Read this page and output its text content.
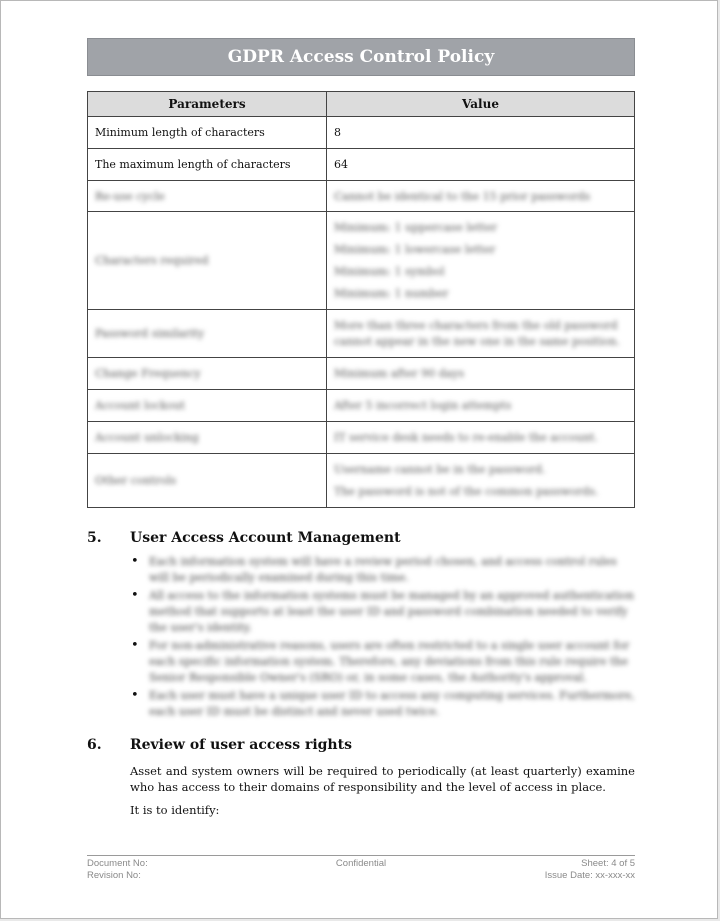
GDPR Access Control Policy
Parameters	Value
Minimum length of characters	8
The maximum length of characters	64
Re-use cycle	Cannot be identical to the 15 prior passwords
Characters required	Minimum: 1 uppercase letter
Minimum: 1 lowercase letter
Minimum: 1 symbol
Minimum: 1 number

Password similarity	More than three characters from the old password
cannot appear in the new one in the same position.

Change Frequency	Minimum after 90 days
Account lockout	After 5 incorrect login attempts
Account unlocking	IT service desk needs to re-enable the account.
Other controls	Username cannot be in the password.
The password is not of the common passwords.
5.	User Access Account Management
• Each information system will have a review period chosen, and access control rules will be periodically examined during this time.
• All access to the information systems must be managed by an approved authentication method that supports at least the user ID and password combination needed to verify the user's identity.
• For non-administrative reasons, users are often restricted to a single user account for each specific information system. Therefore, any deviations from this rule require the Senior Responsible Owner's (SRO) or, in some cases, the Authority's approval.
• Each user must have a unique user ID to access any computing services. Furthermore, each user ID must be distinct and never used twice.
6.	Review of user access rights

Asset and system owners will be required to periodically (at least quarterly) examine who has access to their domains of responsibility and the level of access in place.

It is to identify:

Document No:	Confidential	Sheet: 4 of 5
Revision No:	Issue Date: xx-xxx-xx
